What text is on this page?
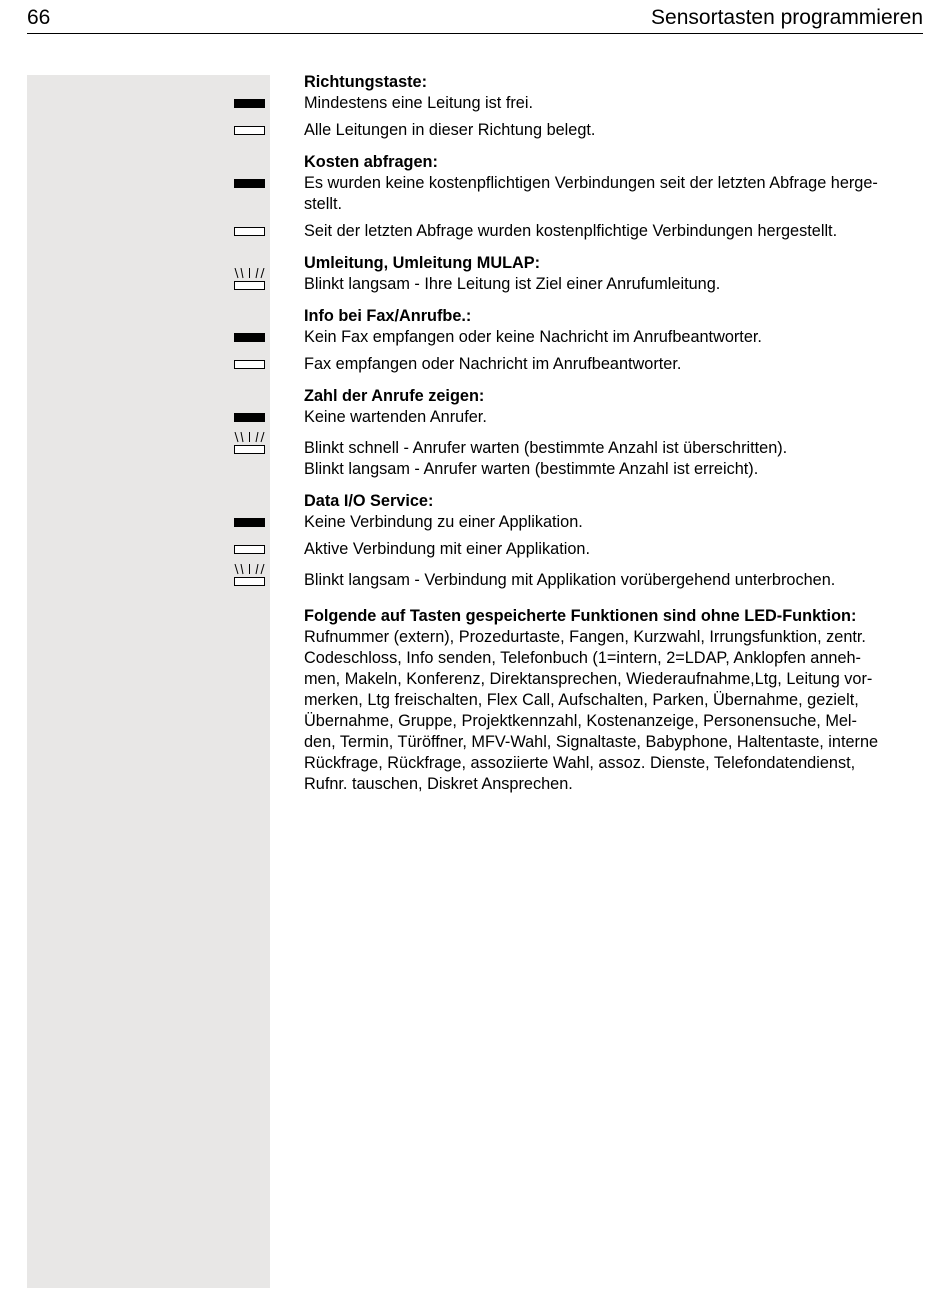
66	Sensortasten programmieren
Richtungstaste:
Mindestens eine Leitung ist frei.
Alle Leitungen in dieser Richtung belegt.
Kosten abfragen:
Es wurden keine kostenpflichtigen Verbindungen seit der letzten Abfrage herge-
stellt.
Seit der letzten Abfrage wurden kostenplfichtige Verbindungen hergestellt.
Umleitung, Umleitung MULAP:
Blinkt langsam - Ihre Leitung ist Ziel einer Anrufumleitung.
Info bei Fax/Anrufbe.:
Kein Fax empfangen oder keine Nachricht im Anrufbeantworter.
Fax empfangen oder Nachricht im Anrufbeantworter.
Zahl der Anrufe zeigen:
Keine wartenden Anrufer.
Blinkt schnell - Anrufer warten (bestimmte Anzahl ist überschritten).
Blinkt langsam - Anrufer warten (bestimmte Anzahl ist erreicht).
Data I/O Service:
Keine Verbindung zu einer Applikation.
Aktive Verbindung mit einer Applikation.
Blinkt langsam - Verbindung mit Applikation vorübergehend unterbrochen.
Folgende auf Tasten gespeicherte Funktionen sind ohne LED-Funktion:
Rufnummer (extern), Prozedurtaste, Fangen, Kurzwahl, Irrungsfunktion, zentr.
Codeschloss, Info senden, Telefonbuch (1=intern, 2=LDAP, Anklopfen anneh-
men, Makeln, Konferenz, Direktansprechen, Wiederaufnahme,Ltg, Leitung vor-
merken, Ltg freischalten, Flex Call, Aufschalten, Parken, Übernahme, gezielt,
Übernahme, Gruppe, Projektkennzahl, Kostenanzeige, Personensuche, Mel-
den, Termin, Türöffner, MFV-Wahl, Signaltaste, Babyphone, Haltentaste, interne
Rückfrage, Rückfrage, assoziierte Wahl, assoz. Dienste, Telefondatendienst,
Rufnr. tauschen, Diskret Ansprechen.
